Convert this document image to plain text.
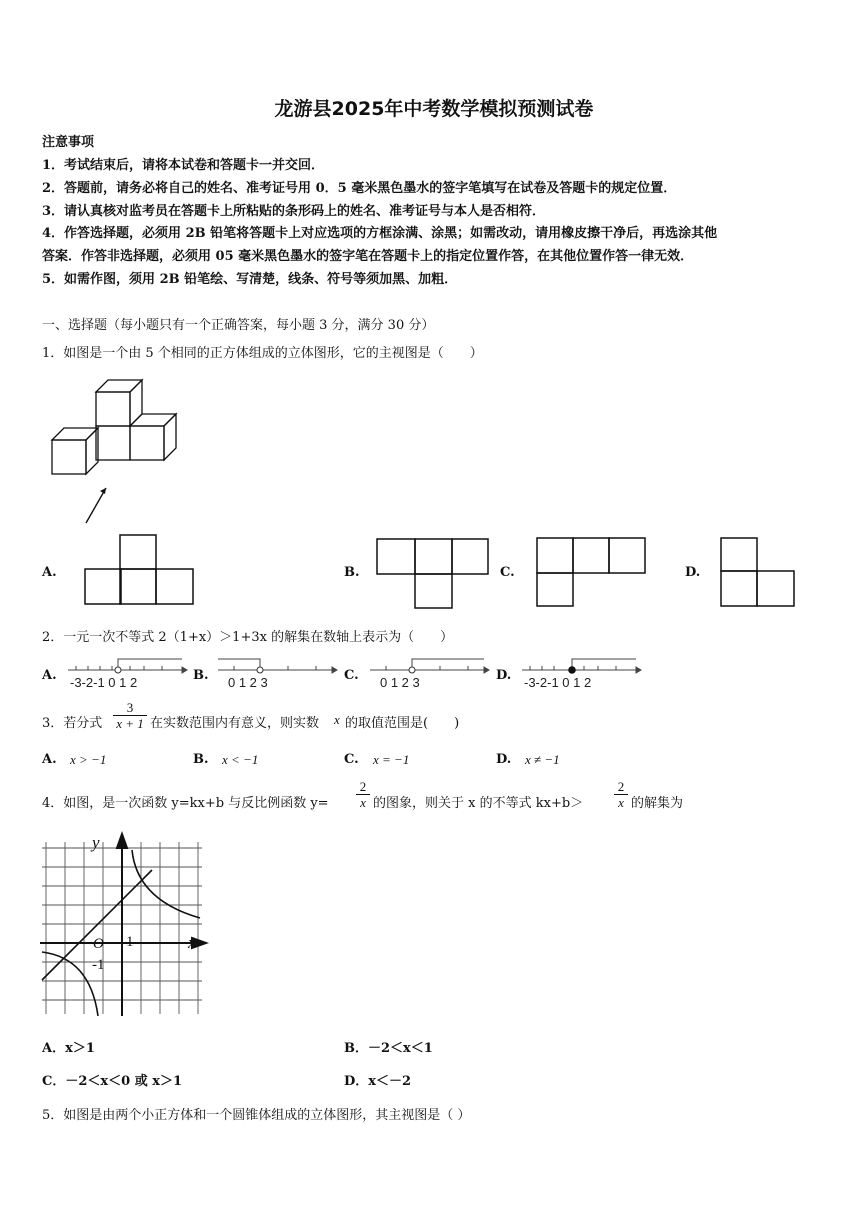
龙游县2025年中考数学模拟预测试卷
注意事项
1．考试结束后，请将本试卷和答题卡一并交回．
2．答题前，请务必将自己的姓名、准考证号用 0．5 毫米黑色墨水的签字笔填写在试卷及答题卡的规定位置．
3．请认真核对监考员在答题卡上所粘贴的条形码上的姓名、准考证号与本人是否相符．
4．作答选择题，必须用 2B 铅笔将答题卡上对应选项的方框涂满、涂黑；如需改动，请用橡皮擦干净后，再选涂其他
答案．作答非选择题，必须用 05 毫米黑色墨水的签字笔在答题卡上的指定位置作答，在其他位置作答一律无效．
5．如需作图，须用 2B 铅笔绘、写清楚，线条、符号等须加黑、加粗．
一、选择题（每小题只有一个正确答案，每小题 3 分，满分 30 分）
1．如图是一个由 5 个相同的正方体组成的立体图形，它的主视图是（　　）
A.	B.	C.	D.
2．一元一次不等式 2（1+x）＞1+3x 的解集在数轴上表示为（　　）
A. -3-2-1 0 1 2	B. 0 1 2 3	C. 0 1 2 3	D. -3-2-1 0 1 2
3．若分式 $\frac{3}{x + 1}$ 在实数范围内有意义，则实数 x 的取值范围是(　　)
A. x > −1	B. x < −1	C. x = −1	D. x ≠ −1
4．如图，是一次函数 y=kx+b 与反比例函数 $y= \frac{2}{x}$ 的图象，则关于 x 的不等式 $kx+b> \frac{2}{x}$ 的解集为
y
x
O 1
-1
A．x＞1	B．－2＜x＜1
C．－2＜x＜0 或 x＞1	D．x＜－2
5．如图是由两个小正方体和一个圆锥体组成的立体图形，其主视图是（ ）
